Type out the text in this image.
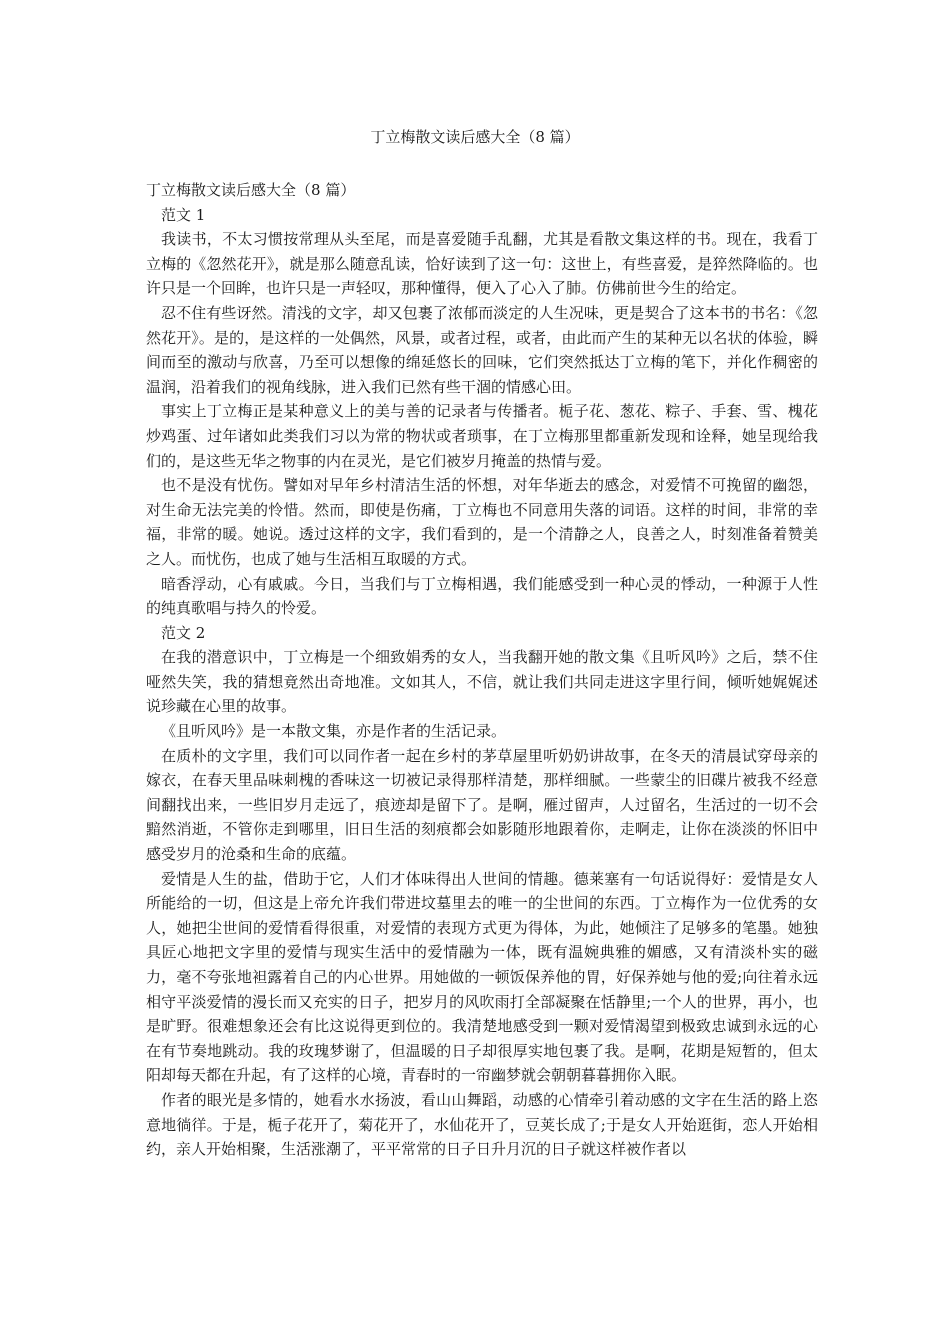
丁立梅散文读后感大全（8 篇）

丁立梅散文读后感大全（8 篇）

范文 1

我读书，不太习惯按常理从头至尾，而是喜爱随手乱翻，尤其是看散文集这样的书。现在，我看丁立梅的《忽然花开》，就是那么随意乱读，恰好读到了这一句：这世上，有些喜爱，是猝然降临的。也许只是一个回眸，也许只是一声轻叹，那种懂得，便入了心入了肺。仿佛前世今生的给定。

忍不住有些讶然。清浅的文字，却又包裹了浓郁而淡定的人生况味，更是契合了这本书的书名：《忽然花开》。是的，是这样的一处偶然，风景，或者过程，或者，由此而产生的某种无以名状的体验，瞬间而至的激动与欣喜，乃至可以想像的绵延悠长的回味，它们突然抵达丁立梅的笔下，并化作稠密的温润，沿着我们的视角线脉，进入我们已然有些干涸的情感心田。

事实上丁立梅正是某种意义上的美与善的记录者与传播者。栀子花、葱花、粽子、手套、雪、槐花炒鸡蛋、过年诸如此类我们习以为常的物状或者琐事，在丁立梅那里都重新发现和诠释，她呈现给我们的，是这些无华之物事的内在灵光，是它们被岁月掩盖的热情与爱。

也不是没有忧伤。譬如对早年乡村清洁生活的怀想，对年华逝去的感念，对爱情不可挽留的幽怨，对生命无法完美的怜惜。然而，即使是伤痛，丁立梅也不同意用失落的词语。这样的时间，非常的幸福，非常的暖。她说。透过这样的文字，我们看到的，是一个清静之人，良善之人，时刻准备着赞美之人。而忧伤，也成了她与生活相互取暖的方式。

暗香浮动，心有戚戚。今日，当我们与丁立梅相遇，我们能感受到一种心灵的悸动，一种源于人性的纯真歌唱与持久的怜爱。

范文 2

在我的潜意识中，丁立梅是一个细致娟秀的女人，当我翻开她的散文集《且听风吟》之后，禁不住哑然失笑，我的猜想竟然出奇地准。文如其人，不信，就让我们共同走进这字里行间，倾听她娓娓述说珍藏在心里的故事。

《且听风吟》是一本散文集，亦是作者的生活记录。

在质朴的文字里，我们可以同作者一起在乡村的茅草屋里听奶奶讲故事，在冬天的清晨试穿母亲的嫁衣，在春天里品味刺槐的香味这一切被记录得那样清楚，那样细腻。一些蒙尘的旧碟片被我不经意间翻找出来，一些旧岁月走远了，痕迹却是留下了。是啊，雁过留声，人过留名，生活过的一切不会黯然消逝，不管你走到哪里，旧日生活的刻痕都会如影随形地跟着你，走啊走，让你在淡淡的怀旧中感受岁月的沧桑和生命的底蕴。

爱情是人生的盐，借助于它，人们才体味得出人世间的情趣。德莱塞有一句话说得好：爱情是女人所能给的一切，但这是上帝允许我们带进坟墓里去的唯一的尘世间的东西。丁立梅作为一位优秀的女人，她把尘世间的爱情看得很重，对爱情的表现方式更为得体，为此，她倾注了足够多的笔墨。她独具匠心地把文字里的爱情与现实生活中的爱情融为一体，既有温婉典雅的媚感，又有清淡朴实的磁力，毫不夸张地袒露着自己的内心世界。用她做的一顿饭保养他的胃，好保养她与他的爱;向往着永远相守平淡爱情的漫长而又充实的日子，把岁月的风吹雨打全部凝聚在恬静里;一个人的世界，再小，也是旷野。很难想象还会有比这说得更到位的。我清楚地感受到一颗对爱情渴望到极致忠诚到永远的心在有节奏地跳动。我的玫瑰梦谢了，但温暖的日子却很厚实地包裹了我。是啊，花期是短暂的，但太阳却每天都在升起，有了这样的心境，青春时的一帘幽梦就会朝朝暮暮拥你入眠。

作者的眼光是多情的，她看水水扬波，看山山舞蹈，动感的心情牵引着动感的文字在生活的路上恣意地徜徉。于是，栀子花开了，菊花开了，水仙花开了，豆荚长成了;于是女人开始逛街，恋人开始相约，亲人开始相聚，生活涨潮了，平平常常的日子日升月沉的日子就这样被作者以
